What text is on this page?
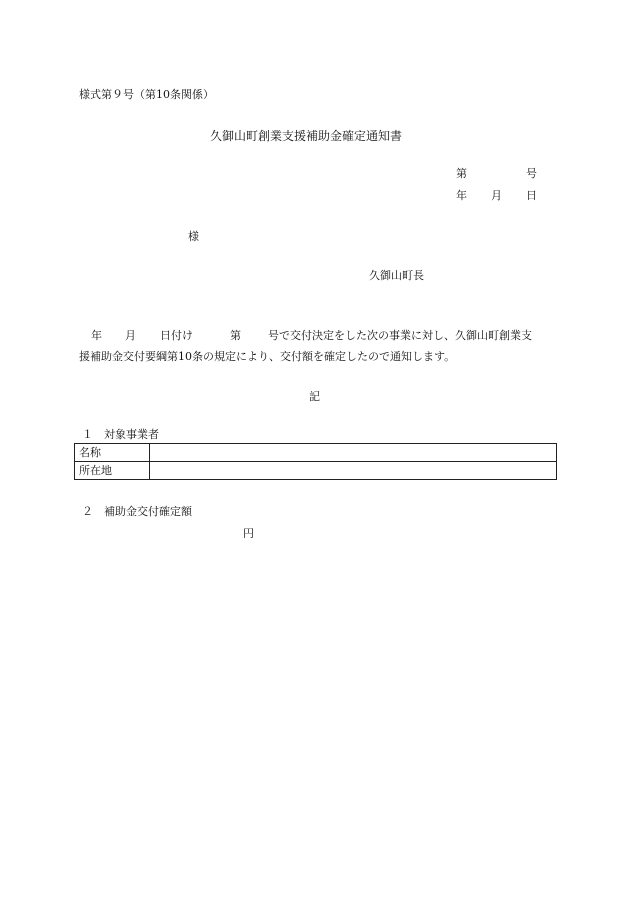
様式第９号（第10条関係）
久御山町創業支援補助金確定通知書
第	号
年 月 日
様
久御山町長
年 月 日付け	第 号で交付決定をした次の事業に対し、久御山町創業支
援補助金交付要綱第10条の規定により、交付額を確定したので通知します。
記
１　対象事業者
名称	
所在地	
２　補助金交付確定額
円
